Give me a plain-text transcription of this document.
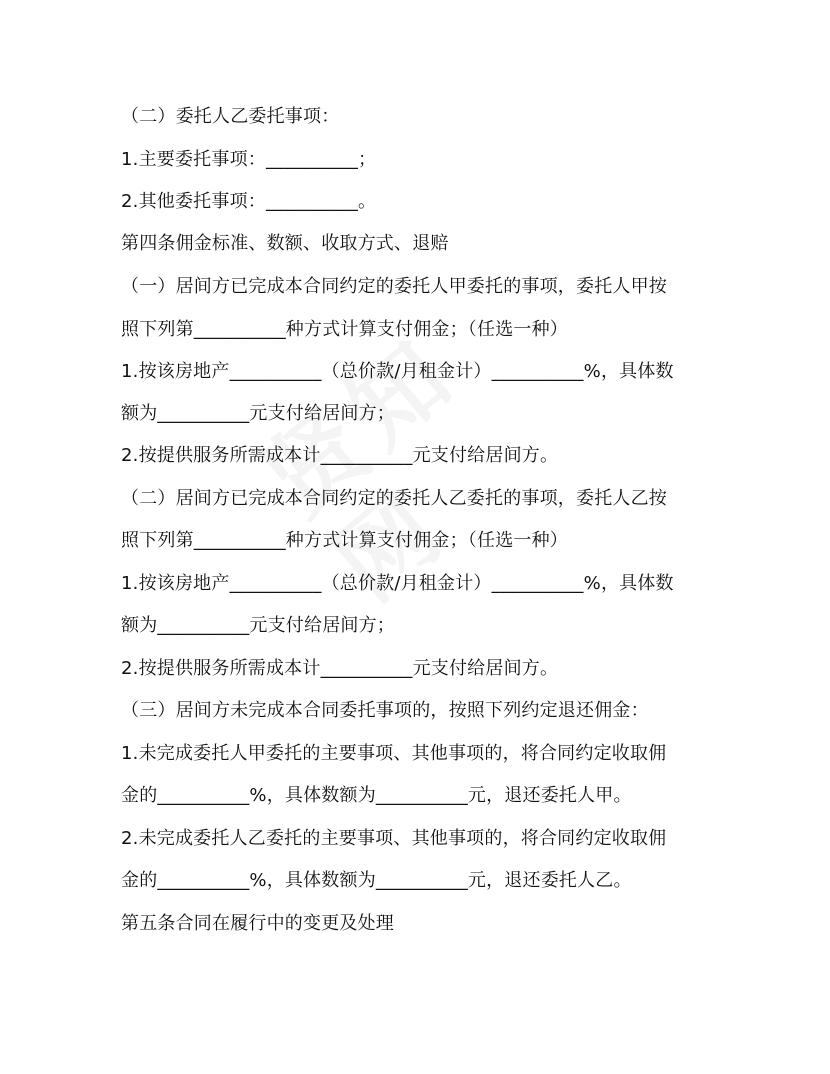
（二）委托人乙委托事项：
1.主要委托事项：__________；
2.其他委托事项：__________。
第四条佣金标准、数额、收取方式、退赔
（一）居间方已完成本合同约定的委托人甲委托的事项，委托人甲按
照下列第__________种方式计算支付佣金；（任选一种）
1.按该房地产__________（总价款/月租金计）__________%，具体数
额为__________元支付给居间方；
2.按提供服务所需成本计__________元支付给居间方。
（二）居间方已完成本合同约定的委托人乙委托的事项，委托人乙按
照下列第__________种方式计算支付佣金；（任选一种）
1.按该房地产__________（总价款/月租金计）__________%，具体数
额为__________元支付给居间方；
2.按提供服务所需成本计__________元支付给居间方。
（三）居间方未完成本合同委托事项的，按照下列约定退还佣金：
1.未完成委托人甲委托的主要事项、其他事项的，将合同约定收取佣
金的__________%，具体数额为__________元，退还委托人甲。
2.未完成委托人乙委托的主要事项、其他事项的，将合同约定收取佣
金的__________%，具体数额为__________元，退还委托人乙。
第五条合同在履行中的变更及处理
